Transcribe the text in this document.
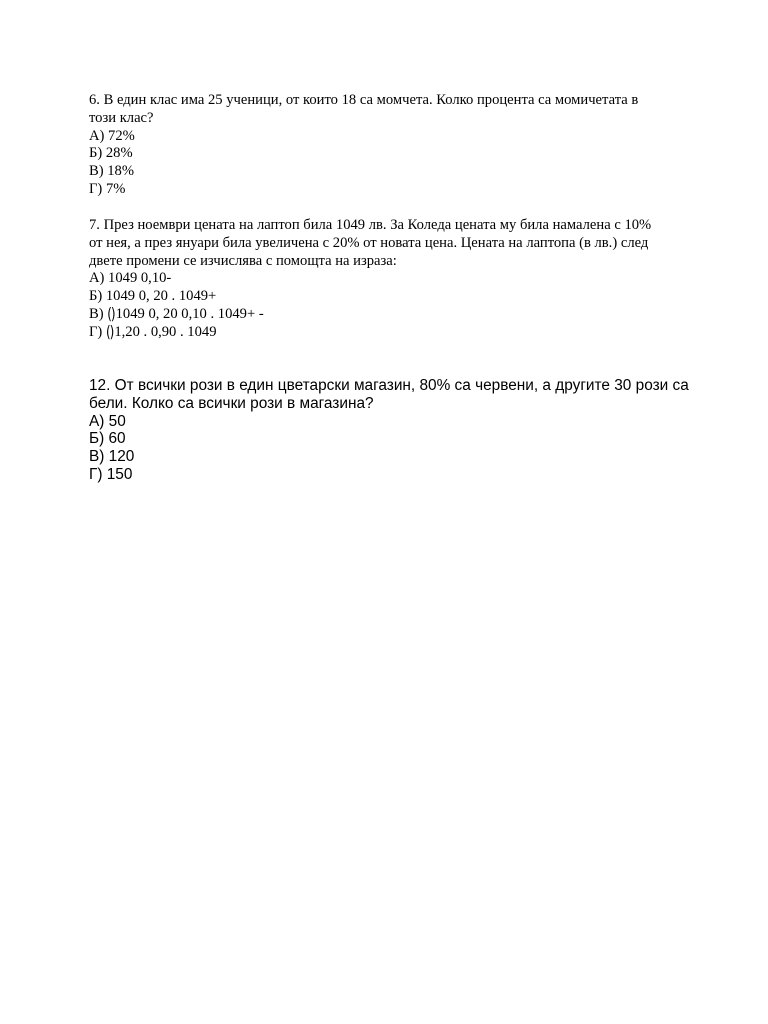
6. В един клас има 25 ученици, от които 18 са момчета. Колко процента са момичетата в
този клас?
А) 72%
Б) 28%
В) 18%
Г) 7%
7. През ноември цената на лаптоп била 1049 лв. За Коледа цената му била намалена с 10%
от нея, а през януари била увеличена с 20% от новата цена. Цената на лаптопа (в лв.) след
двете промени се изчислява с помощта на израза:
А) 1049 0,10-
Б) 1049 0, 20 . 1049+
В) ()1049 0, 20 0,10 . 1049+ -
Г) ()1,20 . 0,90 . 1049
12. От всички рози в един цветарски магазин, 80% са червени, а другите 30 рози са
бели. Колко са всички рози в магазина?
А) 50
Б) 60
В) 120
Г) 150
